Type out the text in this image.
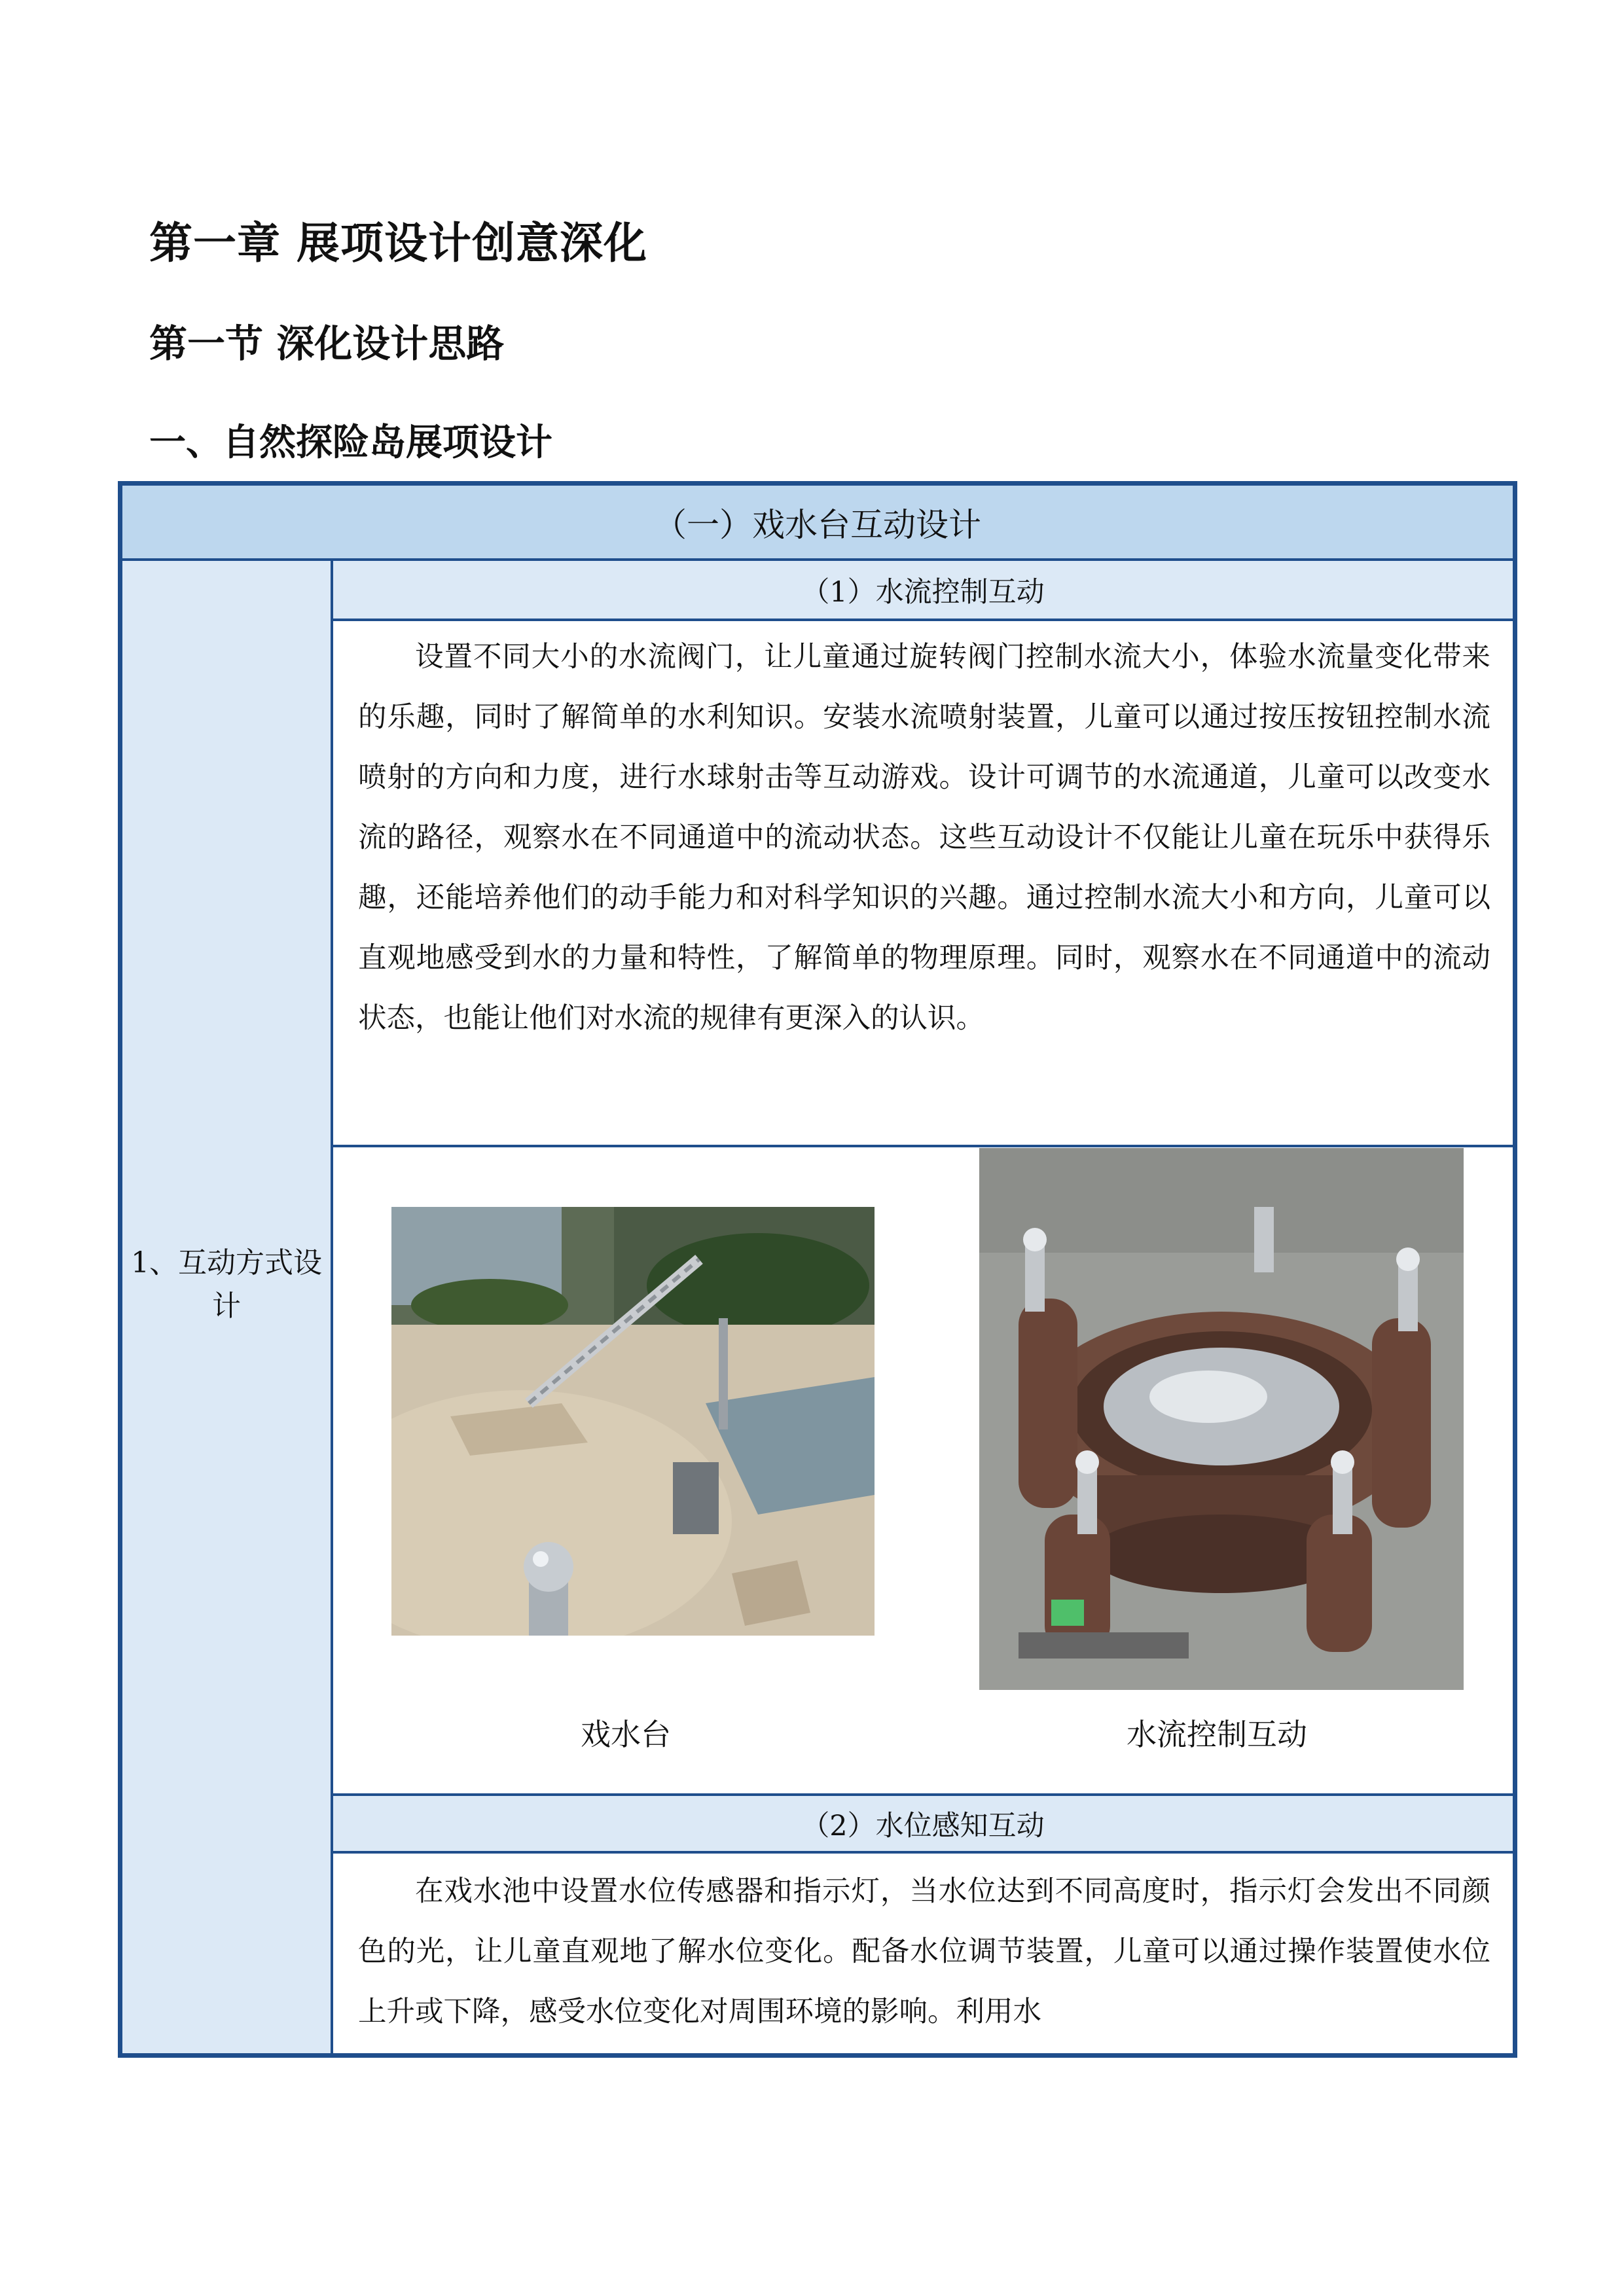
第一章 展项设计创意深化
第一节 深化设计思路
一、自然探险岛展项设计
（一）戏水台互动设计
1、互动方式设计
（1）水流控制互动

设置不同大小的水流阀门，让儿童通过旋转阀门控制水流大小，体验水流量变化带来的乐趣，同时了解简单的水利知识。安装水流喷射装置，儿童可以通过按压按钮控制水流喷射的方向和力度，进行水球射击等互动游戏。设计可调节的水流通道，儿童可以改变水流的路径，观察水在不同通道中的流动状态。这些互动设计不仅能让儿童在玩乐中获得乐趣，还能培养他们的动手能力和对科学知识的兴趣。通过控制水流大小和方向，儿童可以直观地感受到水的力量和特性，了解简单的物理原理。同时，观察水在不同通道中的流动状态，也能让他们对水流的规律有更深入的认识。

戏水台	水流控制互动
（2）水位感知互动

在戏水池中设置水位传感器和指示灯，当水位达到不同高度时，指示灯会发出不同颜色的光，让儿童直观地了解水位变化。配备水位调节装置，儿童可以通过操作装置使水位上升或下降，感受水位变化对周围环境的影响。利用水
